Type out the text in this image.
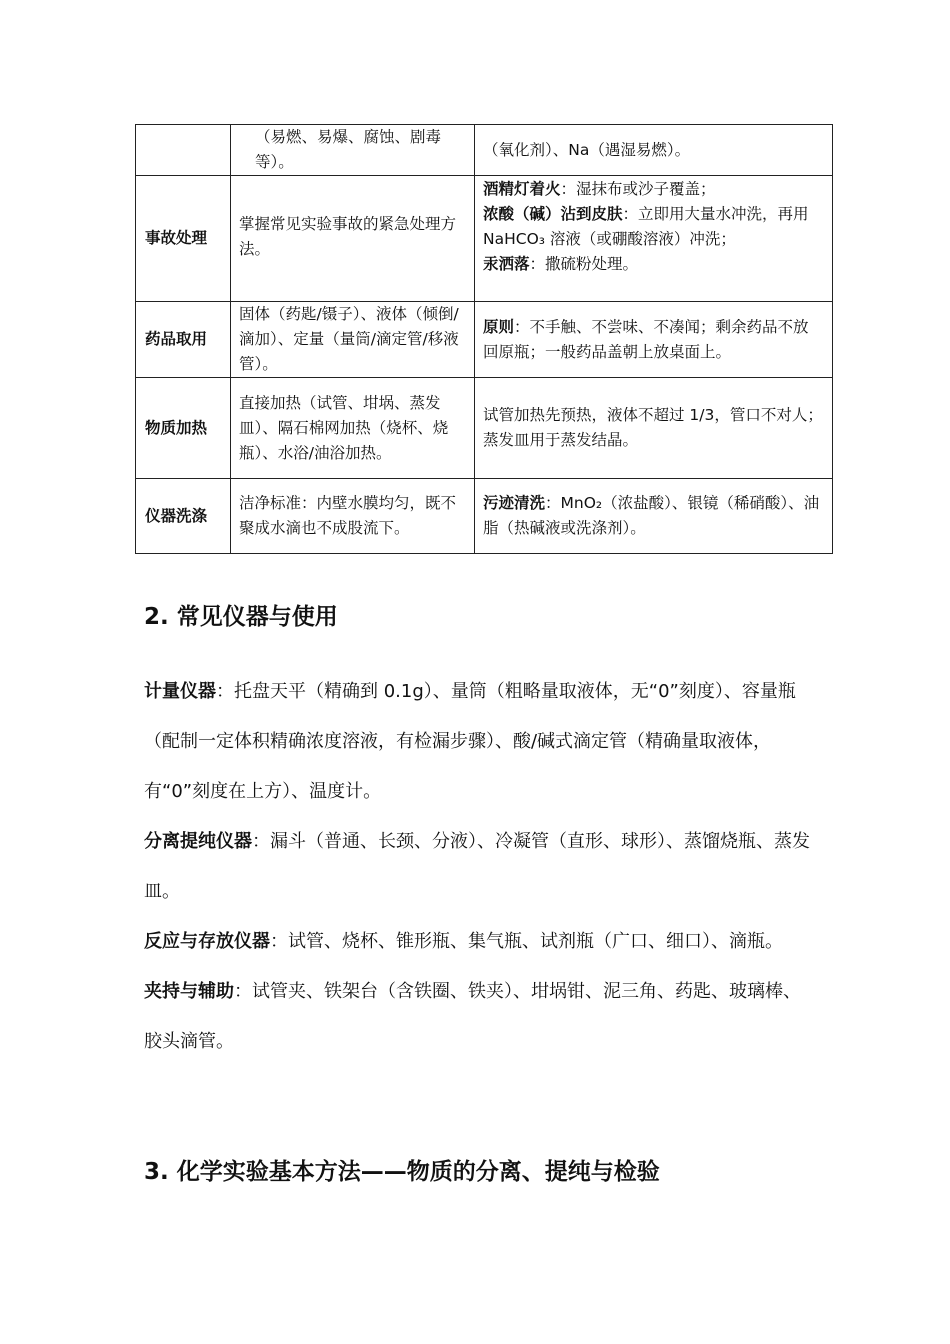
	（易燃、易爆、腐蚀、剧毒等）。	（氧化剂）、Na（遇湿易燃）。
事故处理	掌握常见实验事故的紧急处理方法。	酒精灯着火：湿抹布或沙子覆盖；
浓酸（碱）沾到皮肤：立即用大量水冲洗，再用 NaHCO₃ 溶液（或硼酸溶液）冲洗；
汞洒落：撒硫粉处理。

药品取用	固体（药匙/镊子）、液体（倾倒/滴加）、定量（量筒/滴定管/移液管）。	原则：不手触、不尝味、不凑闻；剩余药品不放回原瓶；一般药品盖朝上放桌面上。
物质加热	直接加热（试管、坩埚、蒸发皿）、隔石棉网加热（烧杯、烧瓶）、水浴/油浴加热。	试管加热先预热，液体不超过 1/3，管口不对人；蒸发皿用于蒸发结晶。
仪器洗涤	洁净标准：内壁水膜均匀，既不聚成水滴也不成股流下。	污迹清洗：MnO₂（浓盐酸）、银镜（稀硝酸）、油脂（热碱液或洗涤剂）。
2. 常见仪器与使用

计量仪器：托盘天平（精确到 0.1g）、量筒（粗略量取液体，无“0”刻度）、容量瓶（配制一定体积精确浓度溶液，有检漏步骤）、酸/碱式滴定管（精确量取液体，有“0”刻度在上方）、温度计。

分离提纯仪器：漏斗（普通、长颈、分液）、冷凝管（直形、球形）、蒸馏烧瓶、蒸发皿。

反应与存放仪器：试管、烧杯、锥形瓶、集气瓶、试剂瓶（广口、细口）、滴瓶。

夹持与辅助：试管夹、铁架台（含铁圈、铁夹）、坩埚钳、泥三角、药匙、玻璃棒、胶头滴管。

3. 化学实验基本方法——物质的分离、提纯与检验
